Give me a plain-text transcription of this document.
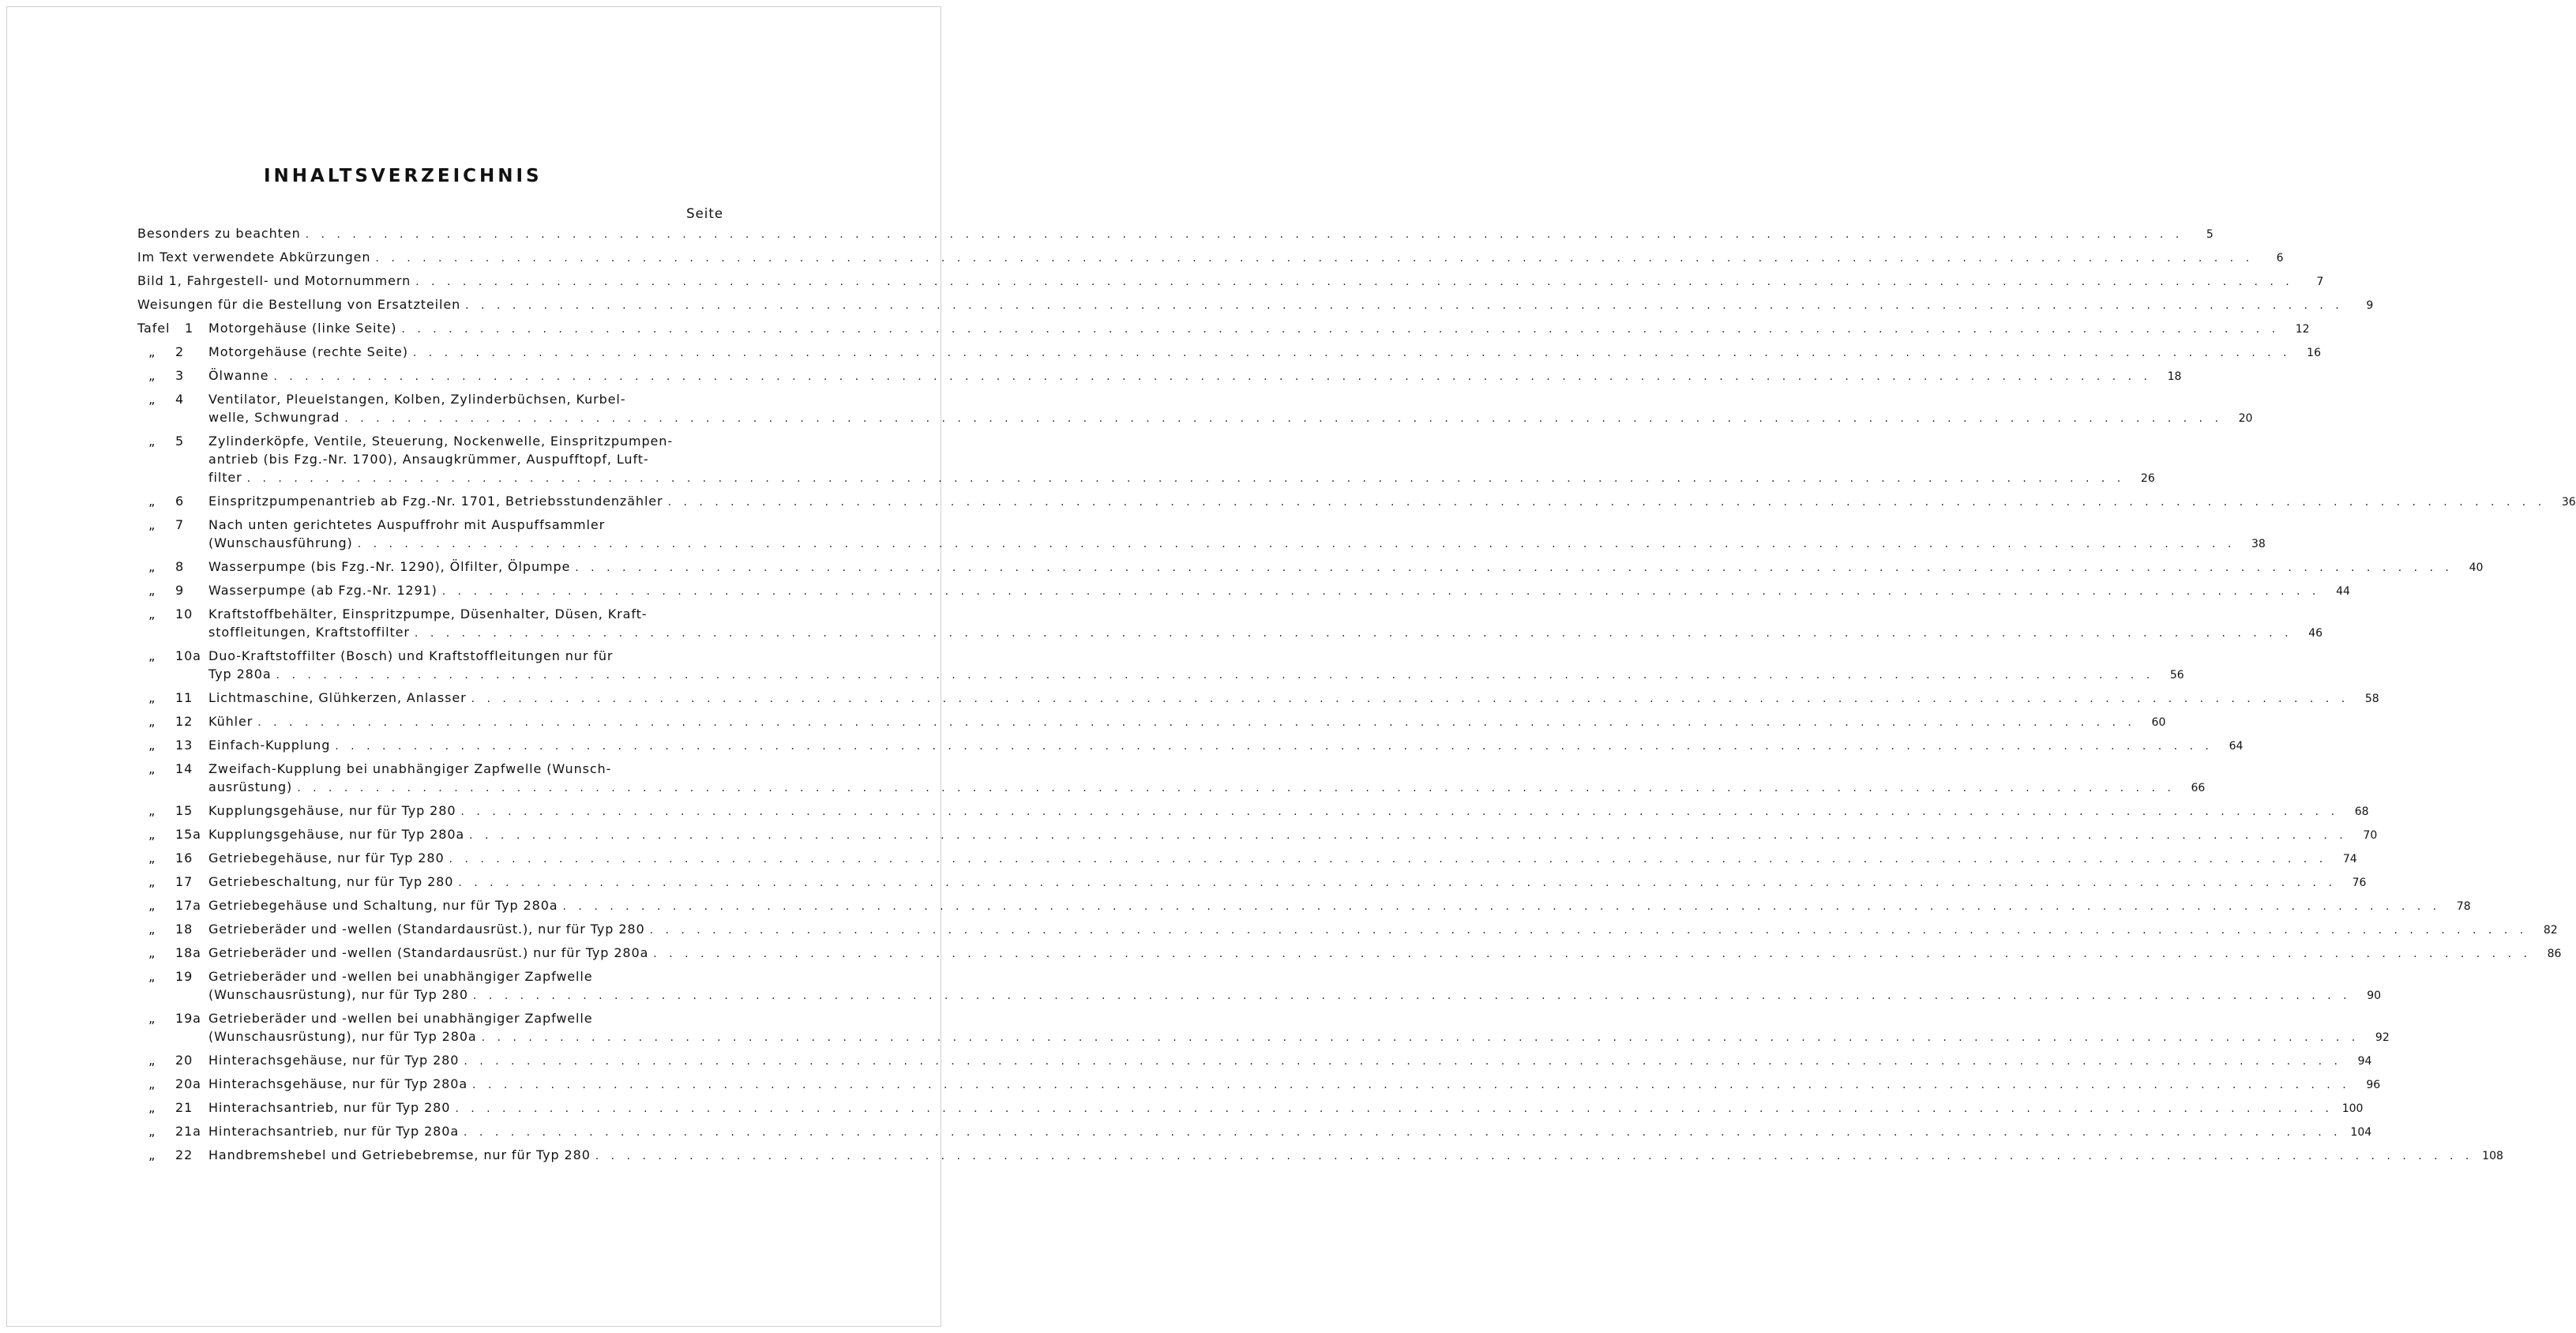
INHALTSVERZEICHNIS
Seite
Besonders zu beachten . . . . . . . . . . . . . . . . . . . . . . . . . . . . . . . . . . . . . . . . . . . . . . . . . . . . . . . . . . . . . . . . . . . . . . . . . . . . . . . . . . . . . . . . . . . . . . . . . . . . . . . . . . . . . . . . . . . . . . . .	5
Im Text verwendete Abkürzungen . . . . . . . . . . . . . . . . . . . . . . . . . . . . . . . . . . . . . . . . . . . . . . . . . . . . . . . . . . . . . . . . . . . . . . . . . . . . . . . . . . . . . . . . . . . . . . . . . . . . . . . . . . . . . . . . . . . . . . . .	6
Bild 1, Fahrgestell- und Motornummern . . . . . . . . . . . . . . . . . . . . . . . . . . . . . . . . . . . . . . . . . . . . . . . . . . . . . . . . . . . . . . . . . . . . . . . . . . . . . . . . . . . . . . . . . . . . . . . . . . . . . . . . . . . . . . . . . . . . . . . .	7
Weisungen für die Bestellung von Ersatzteilen . . . . . . . . . . . . . . . . . . . . . . . . . . . . . . . . . . . . . . . . . . . . . . . . . . . . . . . . . . . . . . . . . . . . . . . . . . . . . . . . . . . . . . . . . . . . . . . . . . . . . . . . . . . . . . . . . . . . . . . .	9
Tafel	1	Motorgehäuse (linke Seite) . . . . . . . . . . . . . . . . . . . . . . . . . . . . . . . . . . . . . . . . . . . . . . . . . . . . . . . . . . . . . . . . . . . . . . . . . . . . . . . . . . . . . . . . . . . . . . . . . . . . . . . . . . . . . . . . . . . . . . . .	12
„	2	Motorgehäuse (rechte Seite) . . . . . . . . . . . . . . . . . . . . . . . . . . . . . . . . . . . . . . . . . . . . . . . . . . . . . . . . . . . . . . . . . . . . . . . . . . . . . . . . . . . . . . . . . . . . . . . . . . . . . . . . . . . . . . . . . . . . . . . .	16
„	3	Ölwanne . . . . . . . . . . . . . . . . . . . . . . . . . . . . . . . . . . . . . . . . . . . . . . . . . . . . . . . . . . . . . . . . . . . . . . . . . . . . . . . . . . . . . . . . . . . . . . . . . . . . . . . . . . . . . . . . . . . . . . . .	18
„	4	Ventilator, Pleuelstangen, Kolben, Zylinderbüchsen, Kurbel-
welle, Schwungrad . . . . . . . . . . . . . . . . . . . . . . . . . . . . . . . . . . . . . . . . . . . . . . . . . . . . . . . . . . . . . . . . . . . . . . . . . . . . . . . . . . . . . . . . . . . . . . . . . . . . . . . . . . . . . . . . . . . . . . . .	20
„	5	Zylinderköpfe, Ventile, Steuerung, Nockenwelle, Einspritzpumpen-
antrieb (bis Fzg.-Nr. 1700), Ansaugkrümmer, Auspufftopf, Luft-
filter . . . . . . . . . . . . . . . . . . . . . . . . . . . . . . . . . . . . . . . . . . . . . . . . . . . . . . . . . . . . . . . . . . . . . . . . . . . . . . . . . . . . . . . . . . . . . . . . . . . . . . . . . . . . . . . . . . . . . . . .	26
„	6	Einspritzpumpenantrieb ab Fzg.-Nr. 1701, Betriebsstundenzähler . . . . . . . . . . . . . . . . . . . . . . . . . . . . . . . . . . . . . . . . . . . . . . . . . . . . . . . . . . . . . . . . . . . . . . . . . . . . . . . . . . . . . . . . . . . . . . . . . . . . . . . . . . . . . . . . . . . . . . . .	36
„	7	Nach unten gerichtetes Auspuffrohr mit Auspuffsammler
(Wunschausführung) . . . . . . . . . . . . . . . . . . . . . . . . . . . . . . . . . . . . . . . . . . . . . . . . . . . . . . . . . . . . . . . . . . . . . . . . . . . . . . . . . . . . . . . . . . . . . . . . . . . . . . . . . . . . . . . . . . . . . . . .	38
„	8	Wasserpumpe (bis Fzg.-Nr. 1290), Ölfilter, Ölpumpe . . . . . . . . . . . . . . . . . . . . . . . . . . . . . . . . . . . . . . . . . . . . . . . . . . . . . . . . . . . . . . . . . . . . . . . . . . . . . . . . . . . . . . . . . . . . . . . . . . . . . . . . . . . . . . . . . . . . . . . .	40
„	9	Wasserpumpe (ab Fzg.-Nr. 1291) . . . . . . . . . . . . . . . . . . . . . . . . . . . . . . . . . . . . . . . . . . . . . . . . . . . . . . . . . . . . . . . . . . . . . . . . . . . . . . . . . . . . . . . . . . . . . . . . . . . . . . . . . . . . . . . . . . . . . . . .	44
„	10	Kraftstoffbehälter, Einspritzpumpe, Düsenhalter, Düsen, Kraft-
stoffleitungen, Kraftstoffilter . . . . . . . . . . . . . . . . . . . . . . . . . . . . . . . . . . . . . . . . . . . . . . . . . . . . . . . . . . . . . . . . . . . . . . . . . . . . . . . . . . . . . . . . . . . . . . . . . . . . . . . . . . . . . . . . . . . . . . . .	46
„	10a Duo-Kraftstoffilter (Bosch) und Kraftstoffleitungen nur für
Typ 280a . . . . . . . . . . . . . . . . . . . . . . . . . . . . . . . . . . . . . . . . . . . . . . . . . . . . . . . . . . . . . . . . . . . . . . . . . . . . . . . . . . . . . . . . . . . . . . . . . . . . . . . . . . . . . . . . . . . . . . . .	56
„	11	Lichtmaschine, Glühkerzen, Anlasser . . . . . . . . . . . . . . . . . . . . . . . . . . . . . . . . . . . . . . . . . . . . . . . . . . . . . . . . . . . . . . . . . . . . . . . . . . . . . . . . . . . . . . . . . . . . . . . . . . . . . . . . . . . . . . . . . . . . . . . .	58
„	12	Kühler . . . . . . . . . . . . . . . . . . . . . . . . . . . . . . . . . . . . . . . . . . . . . . . . . . . . . . . . . . . . . . . . . . . . . . . . . . . . . . . . . . . . . . . . . . . . . . . . . . . . . . . . . . . . . . . . . . . . . . . .	60
„	13	Einfach-Kupplung . . . . . . . . . . . . . . . . . . . . . . . . . . . . . . . . . . . . . . . . . . . . . . . . . . . . . . . . . . . . . . . . . . . . . . . . . . . . . . . . . . . . . . . . . . . . . . . . . . . . . . . . . . . . . . . . . . . . . . . .	64
„	14	Zweifach-Kupplung bei unabhängiger Zapfwelle (Wunsch-
ausrüstung) . . . . . . . . . . . . . . . . . . . . . . . . . . . . . . . . . . . . . . . . . . . . . . . . . . . . . . . . . . . . . . . . . . . . . . . . . . . . . . . . . . . . . . . . . . . . . . . . . . . . . . . . . . . . . . . . . . . . . . . .	66
„	15	Kupplungsgehäuse, nur für Typ 280 . . . . . . . . . . . . . . . . . . . . . . . . . . . . . . . . . . . . . . . . . . . . . . . . . . . . . . . . . . . . . . . . . . . . . . . . . . . . . . . . . . . . . . . . . . . . . . . . . . . . . . . . . . . . . . . . . . . . . . . .	68
„	15a Kupplungsgehäuse, nur für Typ 280a . . . . . . . . . . . . . . . . . . . . . . . . . . . . . . . . . . . . . . . . . . . . . . . . . . . . . . . . . . . . . . . . . . . . . . . . . . . . . . . . . . . . . . . . . . . . . . . . . . . . . . . . . . . . . . . . . . . . . . . .	70
„	16	Getriebegehäuse, nur für Typ 280 . . . . . . . . . . . . . . . . . . . . . . . . . . . . . . . . . . . . . . . . . . . . . . . . . . . . . . . . . . . . . . . . . . . . . . . . . . . . . . . . . . . . . . . . . . . . . . . . . . . . . . . . . . . . . . . . . . . . . . . .	74
„	17	Getriebeschaltung, nur für Typ 280 . . . . . . . . . . . . . . . . . . . . . . . . . . . . . . . . . . . . . . . . . . . . . . . . . . . . . . . . . . . . . . . . . . . . . . . . . . . . . . . . . . . . . . . . . . . . . . . . . . . . . . . . . . . . . . . . . . . . . . . .	76
„	17a Getriebegehäuse und Schaltung, nur für Typ 280a . . . . . . . . . . . . . . . . . . . . . . . . . . . . . . . . . . . . . . . . . . . . . . . . . . . . . . . . . . . . . . . . . . . . . . . . . . . . . . . . . . . . . . . . . . . . . . . . . . . . . . . . . . . . . . . . . . . . . . . .	78
„	18	Getrieberäder und -wellen (Standardausrüst.), nur für Typ 280 . . . . . . . . . . . . . . . . . . . . . . . . . . . . . . . . . . . . . . . . . . . . . . . . . . . . . . . . . . . . . . . . . . . . . . . . . . . . . . . . . . . . . . . . . . . . . . . . . . . . . . . . . . . . . . . . . . . . . . . .	82
„	18a Getrieberäder und -wellen (Standardausrüst.) nur für Typ 280a . . . . . . . . . . . . . . . . . . . . . . . . . . . . . . . . . . . . . . . . . . . . . . . . . . . . . . . . . . . . . . . . . . . . . . . . . . . . . . . . . . . . . . . . . . . . . . . . . . . . . . . . . . . . . . . . . . . . . . . .	86
„	19	Getrieberäder und -wellen bei unabhängiger Zapfwelle
(Wunschausrüstung), nur für Typ 280 . . . . . . . . . . . . . . . . . . . . . . . . . . . . . . . . . . . . . . . . . . . . . . . . . . . . . . . . . . . . . . . . . . . . . . . . . . . . . . . . . . . . . . . . . . . . . . . . . . . . . . . . . . . . . . . . . . . . . . . .	90
„	19a Getrieberäder und -wellen bei unabhängiger Zapfwelle
(Wunschausrüstung), nur für Typ 280a . . . . . . . . . . . . . . . . . . . . . . . . . . . . . . . . . . . . . . . . . . . . . . . . . . . . . . . . . . . . . . . . . . . . . . . . . . . . . . . . . . . . . . . . . . . . . . . . . . . . . . . . . . . . . . . . . . . . . . . .	92
„	20	Hinterachsgehäuse, nur für Typ 280 . . . . . . . . . . . . . . . . . . . . . . . . . . . . . . . . . . . . . . . . . . . . . . . . . . . . . . . . . . . . . . . . . . . . . . . . . . . . . . . . . . . . . . . . . . . . . . . . . . . . . . . . . . . . . . . . . . . . . . . .	94
„	20a Hinterachsgehäuse, nur für Typ 280a . . . . . . . . . . . . . . . . . . . . . . . . . . . . . . . . . . . . . . . . . . . . . . . . . . . . . . . . . . . . . . . . . . . . . . . . . . . . . . . . . . . . . . . . . . . . . . . . . . . . . . . . . . . . . . . . . . . . . . . .	96
„	21	Hinterachsantrieb, nur für Typ 280 . . . . . . . . . . . . . . . . . . . . . . . . . . . . . . . . . . . . . . . . . . . . . . . . . . . . . . . . . . . . . . . . . . . . . . . . . . . . . . . . . . . . . . . . . . . . . . . . . . . . . . . . . . . . . . . . . . . . . . . . 100
„	21a Hinterachsantrieb, nur für Typ 280a . . . . . . . . . . . . . . . . . . . . . . . . . . . . . . . . . . . . . . . . . . . . . . . . . . . . . . . . . . . . . . . . . . . . . . . . . . . . . . . . . . . . . . . . . . . . . . . . . . . . . . . . . . . . . . . . . . . . . . . . 104
„	22	Handbremshebel und Getriebebremse, nur für Typ 280 . . . . . . . . . . . . . . . . . . . . . . . . . . . . . . . . . . . . . . . . . . . . . . . . . . . . . . . . . . . . . . . . . . . . . . . . . . . . . . . . . . . . . . . . . . . . . . . . . . . . . . . . . . . . . . . . . . . . . . . . 108
